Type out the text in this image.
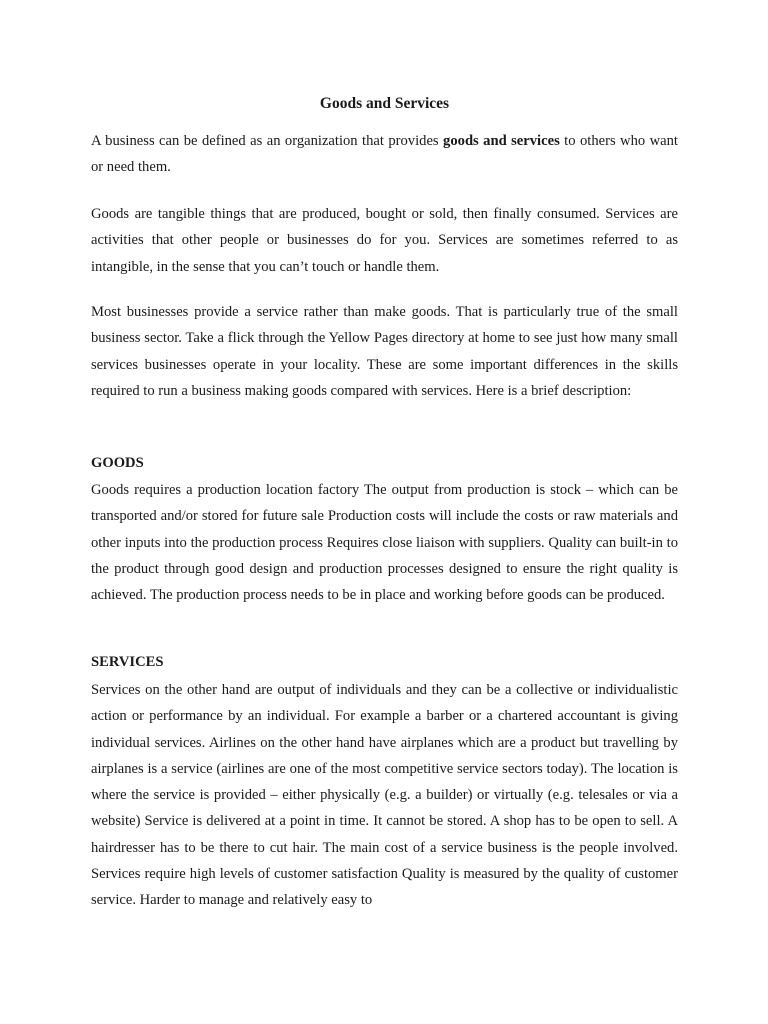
Goods and Services

A business can be defined as an organization that provides goods and services to others who want or need them.

Goods are tangible things that are produced, bought or sold, then finally consumed. Services are activities that other people or businesses do for you. Services are sometimes referred to as intangible, in the sense that you can’t touch or handle them.

Most businesses provide a service rather than make goods. That is particularly true of the small business sector. Take a flick through the Yellow Pages directory at home to see just how many small services businesses operate in your locality. These are some important differences in the skills required to run a business making goods compared with services. Here is a brief description:

GOODS

Goods requires a production location factory The output from production is stock – which can be transported and/or stored for future sale Production costs will include the costs or raw materials and other inputs into the production process Requires close liaison with suppliers. Quality can built-in to the product through good design and production processes designed to ensure the right quality is achieved. The production process needs to be in place and working before goods can be produced.

SERVICES

Services on the other hand are output of individuals and they can be a collective or individualistic action or performance by an individual. For example a barber or a chartered accountant is giving individual services. Airlines on the other hand have airplanes which are a product but travelling by airplanes is a service (airlines are one of the most competitive service sectors today). The location is where the service is provided – either physically (e.g. a builder) or virtually (e.g. telesales or via a website) Service is delivered at a point in time. It cannot be stored. A shop has to be open to sell. A hairdresser has to be there to cut hair. The main cost of a service business is the people involved. Services require high levels of customer satisfaction Quality is measured by the quality of customer service. Harder to manage and relatively easy to
